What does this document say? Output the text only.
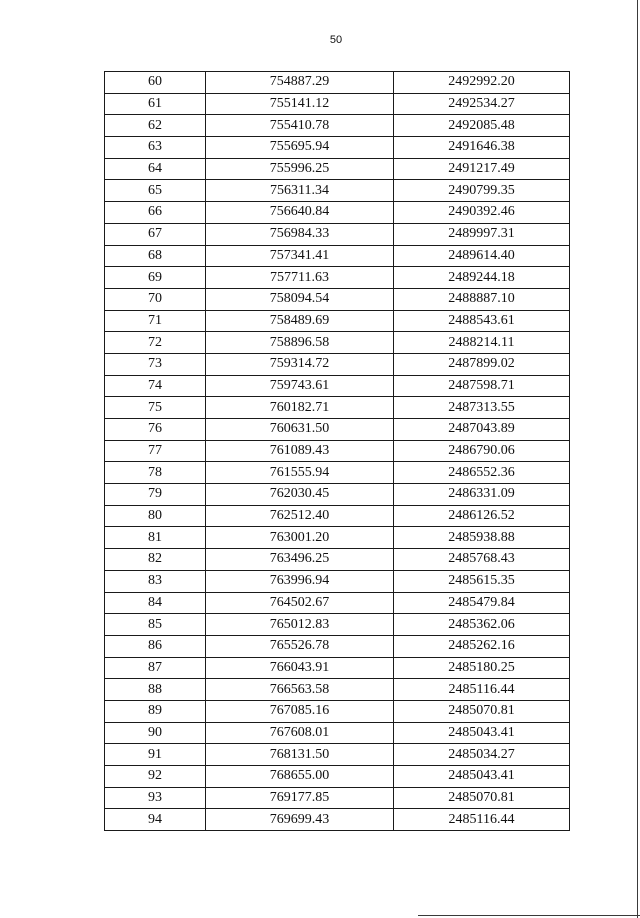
50
60	754887.29	2492992.20
61	755141.12	2492534.27
62	755410.78	2492085.48
63	755695.94	2491646.38
64	755996.25	2491217.49
65	756311.34	2490799.35
66	756640.84	2490392.46
67	756984.33	2489997.31
68	757341.41	2489614.40
69	757711.63	2489244.18
70	758094.54	2488887.10
71	758489.69	2488543.61
72	758896.58	2488214.11
73	759314.72	2487899.02
74	759743.61	2487598.71
75	760182.71	2487313.55
76	760631.50	2487043.89
77	761089.43	2486790.06
78	761555.94	2486552.36
79	762030.45	2486331.09
80	762512.40	2486126.52
81	763001.20	2485938.88
82	763496.25	2485768.43
83	763996.94	2485615.35
84	764502.67	2485479.84
85	765012.83	2485362.06
86	765526.78	2485262.16
87	766043.91	2485180.25
88	766563.58	2485116.44
89	767085.16	2485070.81
90	767608.01	2485043.41
91	768131.50	2485034.27
92	768655.00	2485043.41
93	769177.85	2485070.81
94	769699.43	2485116.44
